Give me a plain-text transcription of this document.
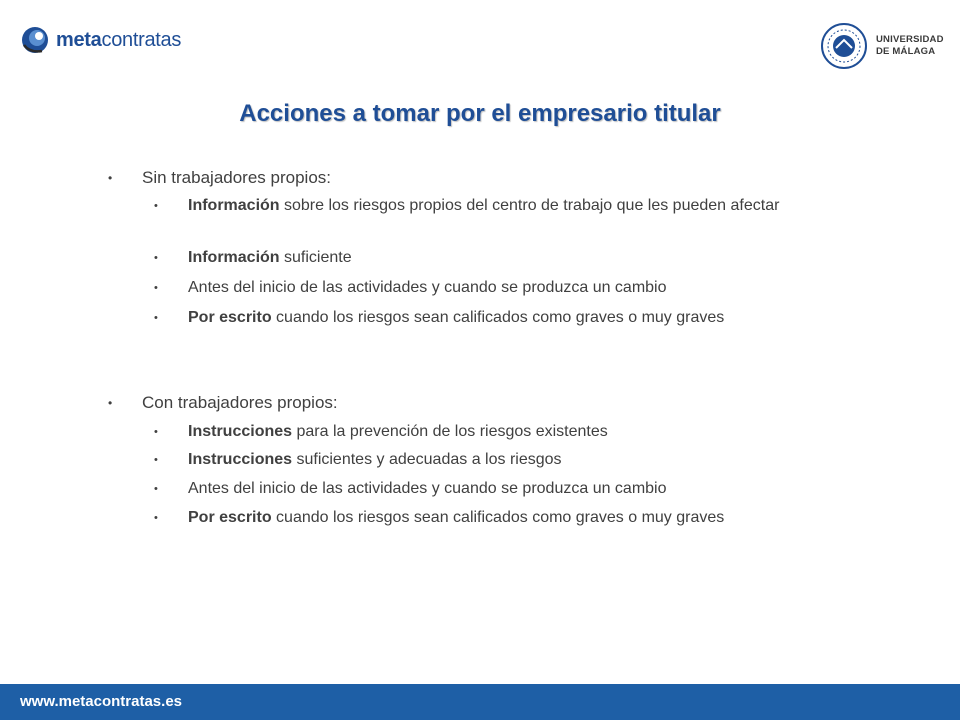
metacontratas	UNIVERSIDAD
DE MÁLAGA
Acciones a tomar por el empresario titular
• Sin trabajadores propios:
• Información sobre los riesgos propios del centro de trabajo que les pueden afectar
• Información suficiente
• Antes del inicio de las actividades y cuando se produzca un cambio
• Por escrito cuando los riesgos sean calificados como graves o muy graves
• Con trabajadores propios:
• Instrucciones para la prevención de los riesgos existentes
• Instrucciones suficientes y adecuadas a los riesgos
• Antes del inicio de las actividades y cuando se produzca un cambio
• Por escrito cuando los riesgos sean calificados como graves o muy graves
www.metacontratas.es
